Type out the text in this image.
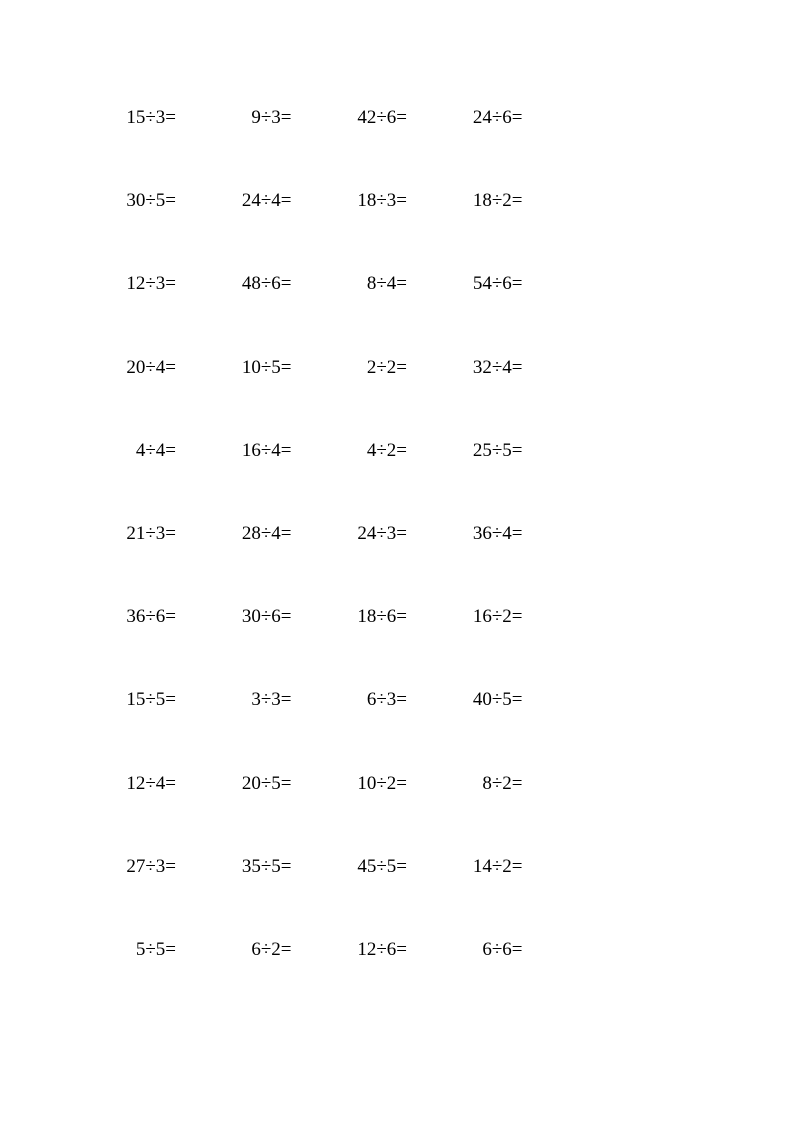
15÷3=	9÷3=	42÷6=	24÷6=
30÷5=	24÷4=	18÷3=	18÷2=
12÷3=	48÷6=	8÷4=	54÷6=
20÷4=	10÷5=	2÷2=	32÷4=
4÷4=	16÷4=	4÷2=	25÷5=
21÷3=	28÷4=	24÷3=	36÷4=
36÷6=	30÷6=	18÷6=	16÷2=
15÷5=	3÷3=	6÷3=	40÷5=
12÷4=	20÷5=	10÷2=	8÷2=
27÷3=	35÷5=	45÷5=	14÷2=
5÷5=	6÷2=	12÷6=	6÷6=
